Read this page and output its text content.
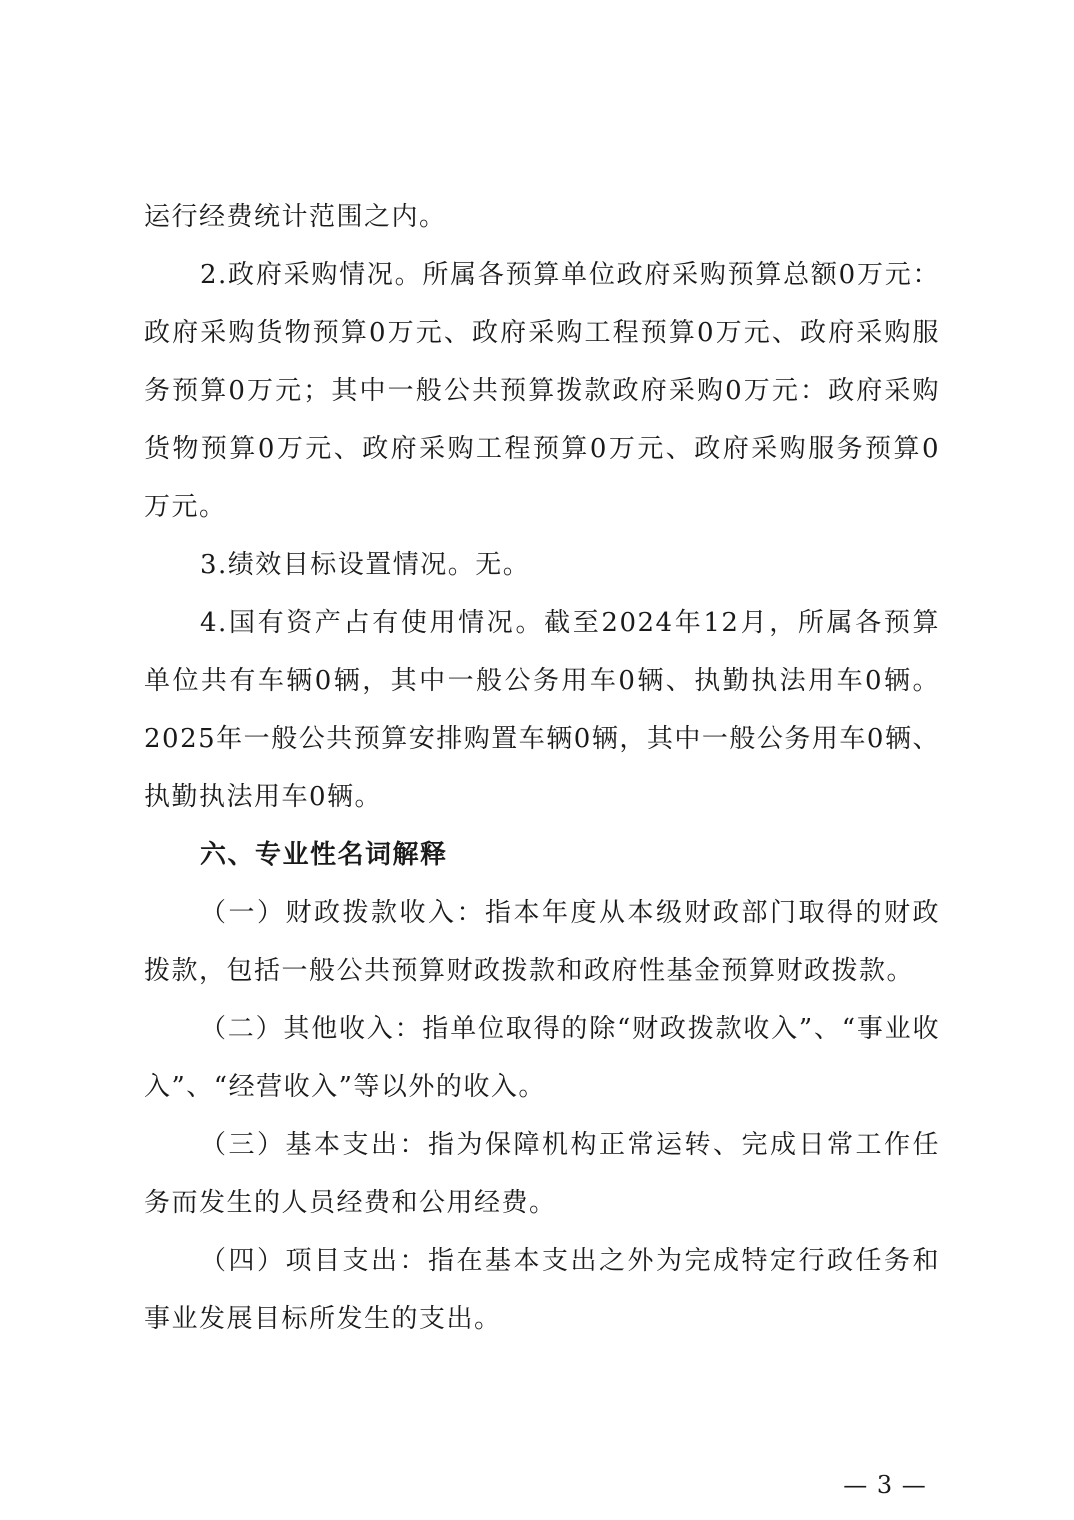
运行经费统计范围之内。

2.政府采购情况。所属各预算单位政府采购预算总额0万元：政府采购货物预算0万元、政府采购工程预算0万元、政府采购服务预算0万元；其中一般公共预算拨款政府采购0万元：政府采购货物预算0万元、政府采购工程预算0万元、政府采购服务预算0万元。

3.绩效目标设置情况。无。

4.国有资产占有使用情况。截至2024年12月，所属各预算单位共有车辆0辆，其中一般公务用车0辆、执勤执法用车0辆。2025年一般公共预算安排购置车辆0辆，其中一般公务用车0辆、执勤执法用车0辆。

六、专业性名词解释

（一）财政拨款收入：指本年度从本级财政部门取得的财政拨款，包括一般公共预算财政拨款和政府性基金预算财政拨款。

（二）其他收入：指单位取得的除“财政拨款收入”、“事业收入”、“经营收入”等以外的收入。

（三）基本支出：指为保障机构正常运转、完成日常工作任务而发生的人员经费和公用经费。

（四）项目支出：指在基本支出之外为完成特定行政任务和事业发展目标所发生的支出。

— 3 —
